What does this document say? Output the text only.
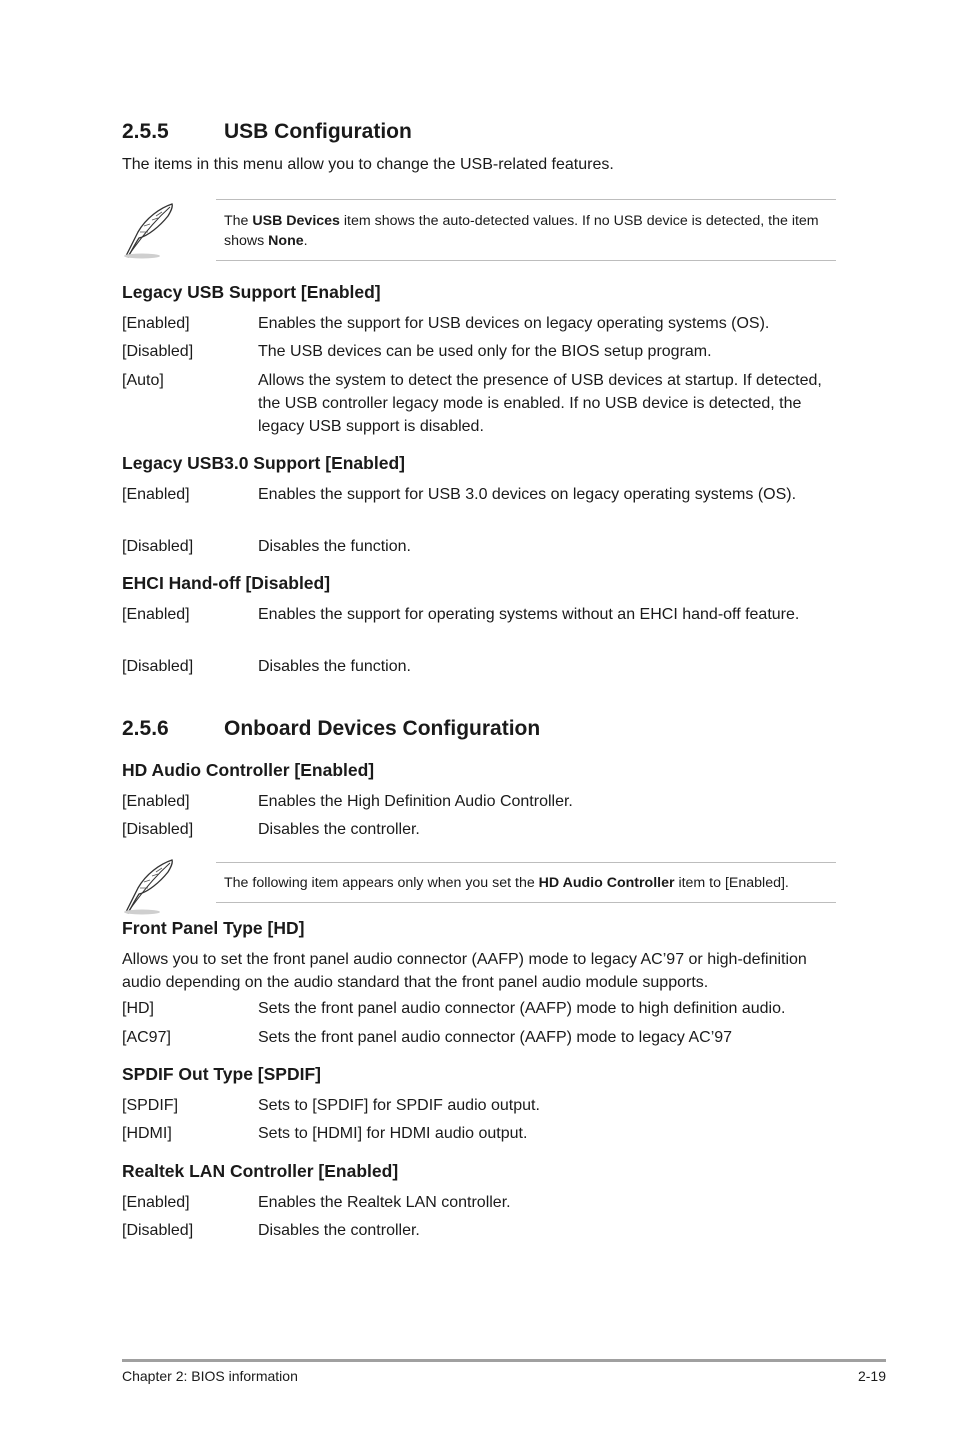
2.5.5	USB Configuration
The items in this menu allow you to change the USB-related features.
The USB Devices item shows the auto-detected values. If no USB device is detected, the item shows None.
Legacy USB Support [Enabled]
[Enabled]	Enables the support for USB devices on legacy operating systems (OS).
[Disabled]	The USB devices can be used only for the BIOS setup program.
[Auto]	Allows the system to detect the presence of USB devices at startup. If detected, the USB controller legacy mode is enabled. If no USB device is detected, the legacy USB support is disabled.
Legacy USB3.0 Support [Enabled]
[Enabled]	Enables the support for USB 3.0 devices on legacy operating systems (OS).
[Disabled]	Disables the function.
EHCI Hand-off [Disabled]
[Enabled]	Enables the support for operating systems without an EHCI hand-off feature.
[Disabled]	Disables the function.
2.5.6	Onboard Devices Configuration
HD Audio Controller [Enabled]
[Enabled]	Enables the High Definition Audio Controller.
[Disabled]	Disables the controller.
The following item appears only when you set the HD Audio Controller item to [Enabled].
Front Panel Type [HD]
Allows you to set the front panel audio connector (AAFP) mode to legacy AC’97 or high-definition audio depending on the audio standard that the front panel audio module supports.
[HD]	Sets the front panel audio connector (AAFP) mode to high definition audio.
[AC97]	Sets the front panel audio connector (AAFP) mode to legacy AC’97
SPDIF Out Type [SPDIF]
[SPDIF]	Sets to [SPDIF] for SPDIF audio output.
[HDMI]	Sets to [HDMI] for HDMI audio output.
Realtek LAN Controller [Enabled]
[Enabled]	Enables the Realtek LAN controller.
[Disabled]	Disables the controller.
Chapter 2: BIOS information	2-19
